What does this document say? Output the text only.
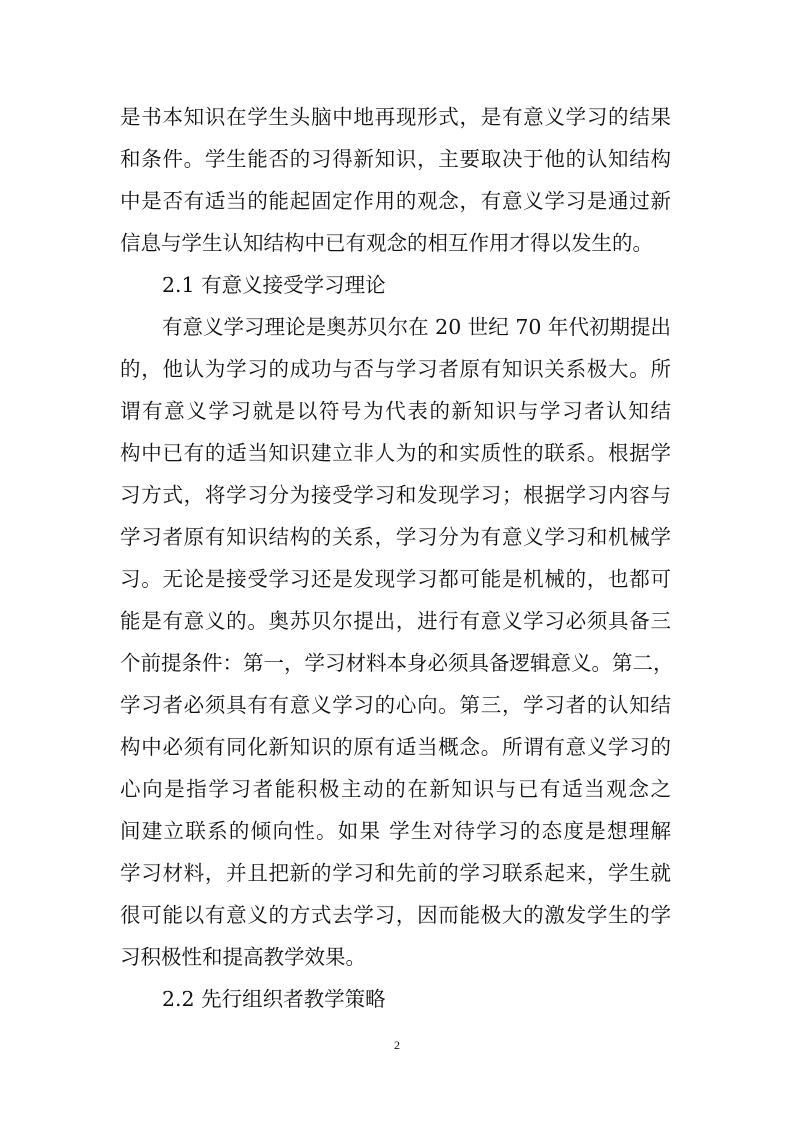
是书本知识在学生头脑中地再现形式，是有意义学习的结果
和条件。学生能否的习得新知识，主要取决于他的认知结构
中是否有适当的能起固定作用的观念，有意义学习是通过新
信息与学生认知结构中已有观念的相互作用才得以发生的。
2.1 有意义接受学习理论
有意义学习理论是奥苏贝尔在 20 世纪 70 年代初期提出
的，他认为学习的成功与否与学习者原有知识关系极大。所
谓有意义学习就是以符号为代表的新知识与学习者认知结
构中已有的适当知识建立非人为的和实质性的联系。根据学
习方式，将学习分为接受学习和发现学习；根据学习内容与
学习者原有知识结构的关系，学习分为有意义学习和机械学
习。无论是接受学习还是发现学习都可能是机械的，也都可
能是有意义的。奥苏贝尔提出，进行有意义学习必须具备三
个前提条件：第一，学习材料本身必须具备逻辑意义。第二，
学习者必须具有有意义学习的心向。第三，学习者的认知结
构中必须有同化新知识的原有适当概念。所谓有意义学习的
心向是指学习者能积极主动的在新知识与已有适当观念之
间建立联系的倾向性。如果 学生对待学习的态度是想理解
学习材料，并且把新的学习和先前的学习联系起来，学生就
很可能以有意义的方式去学习，因而能极大的激发学生的学
习积极性和提高教学效果。
2.2 先行组织者教学策略
2
